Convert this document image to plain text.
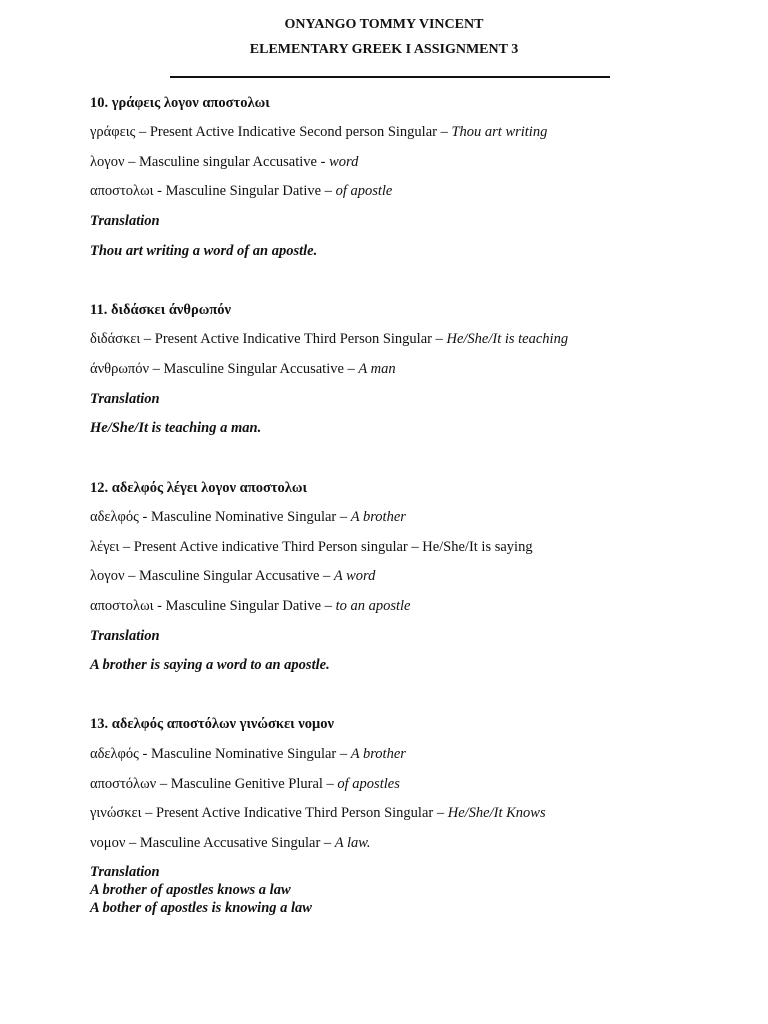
ONYANGO TOMMY VINCENT
ELEMENTARY GREEK I ASSIGNMENT 3
10. γράφεις λογον αποστολωι
γράφεις – Present Active Indicative Second person Singular – Thou art writing
λογον – Masculine singular Accusative - word
αποστολωι - Masculine Singular Dative – of apostle
Translation
Thou art writing a word of an apostle.
11. διδάσκει άνθρωπόν
διδάσκει – Present Active Indicative Third Person Singular – He/She/It is teaching
άνθρωπόν – Masculine Singular Accusative – A man
Translation
He/She/It is teaching a man.
12. αδελφός λέγει λογον αποστολωι
αδελφός - Masculine Nominative Singular – A brother
λέγει – Present Active indicative Third Person singular – He/She/It is saying
λογον – Masculine Singular Accusative – A word
αποστολωι - Masculine Singular Dative – to an apostle
Translation
A brother is saying a word to an apostle.
13. αδελφός αποστόλων γινώσκει νομον
αδελφός - Masculine Nominative Singular – A brother
αποστόλων – Masculine Genitive Plural – of apostles
γινώσκει – Present Active Indicative Third Person Singular – He/She/It Knows
νομον – Masculine Accusative Singular – A law.
Translation
A brother of apostles knows a law
A bother of apostles is knowing a law
